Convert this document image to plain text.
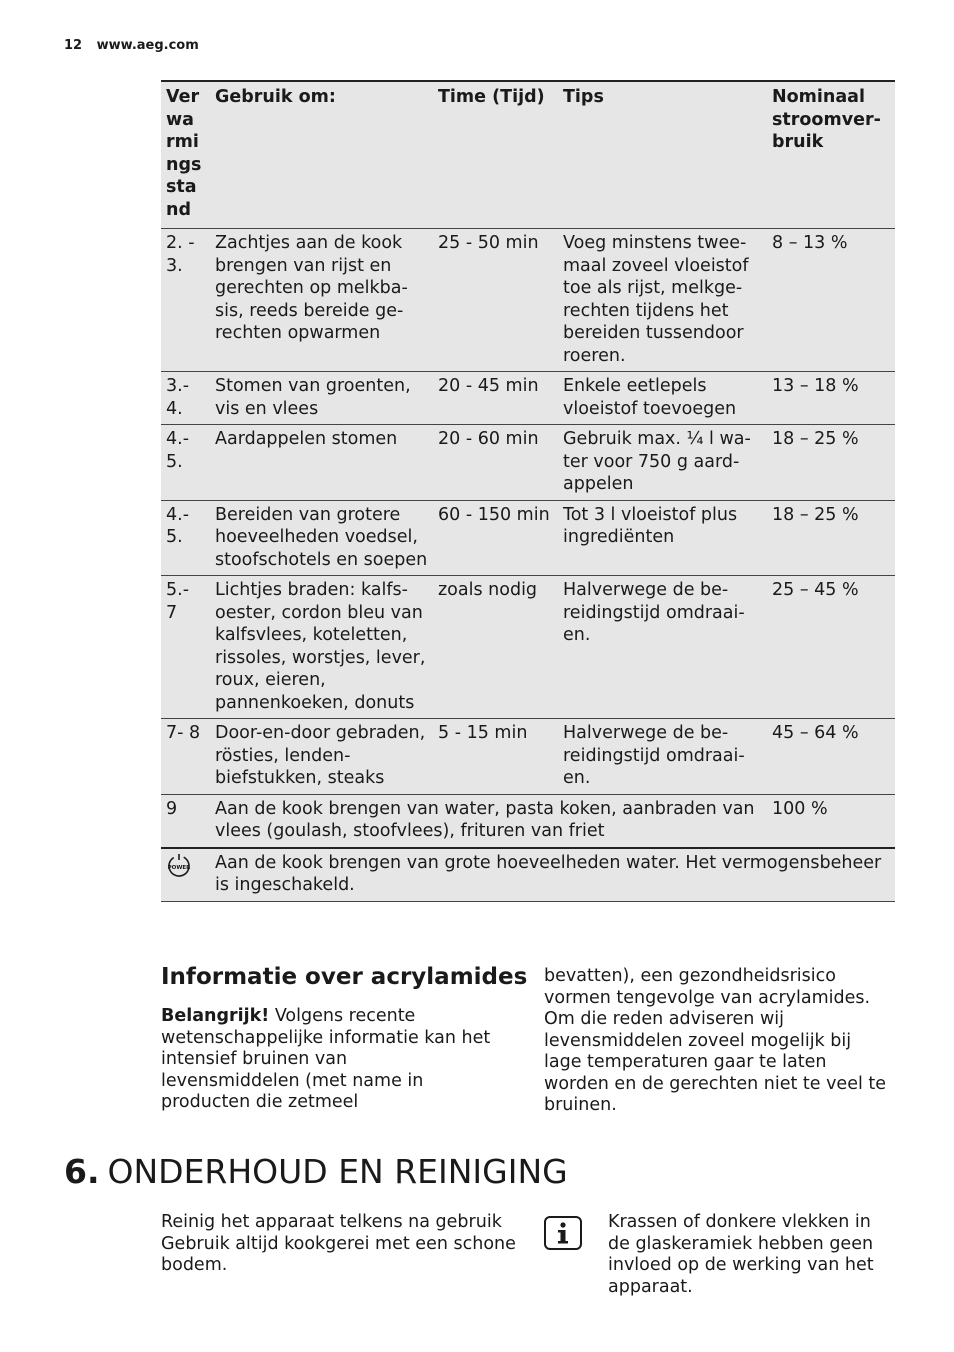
12 www.aeg.com
Ver wa rmi ngs sta nd	Gebruik om:	Time (Tijd)	Tips	Nominaal stroomverbruik
2. - 3.	Zachtjes aan de kook brengen van rijst en gerechten op melkbasis, reeds bereide gerechten opwarmen	25 - 50 min	Voeg minstens tweemaal zoveel vloeistof toe als rijst, melkgerechten tijdens het bereiden tussendoor roeren.	8 – 13 %
3.- 4.	Stomen van groenten, vis en vlees	20 - 45 min	Enkele eetlepels vloeistof toevoegen	13 – 18 %
4.- 5.	Aardappelen stomen	20 - 60 min	Gebruik max. ¼ l water voor 750 g aardappelen	18 – 25 %
4.- 5.	Bereiden van grotere hoeveelheden voedsel, stoofschotels en soepen	60 - 150 min	Tot 3 l vloeistof plus ingrediënten	18 – 25 %
5.- 7	Lichtjes braden: kalfsoester, cordon bleu van kalfsvlees, koteletten, rissoles, worstjes, lever, roux, eieren, pannenkoeken, donuts	zoals nodig	Halverwege de bereidingstijd omdraaien.	25 – 45 %
7- 8	Door-en-door gebraden, rösties, lendenbiefstukken, steaks	5 - 15 min	Halverwege de bereidingstijd omdraaien.	45 – 64 %
9	Aan de kook brengen van water, pasta koken, aanbraden van vlees (goulash, stoofvlees), frituren van friet			100 %

POWER	Aan de kook brengen van grote hoeveelheden water. Het vermogensbeheer is ingeschakeld.			
Informatie over acrylamides
Belangrijk! Volgens recente wetenschappelijke informatie kan het intensief bruinen van levensmiddelen (met name in producten die zetmeel
bevatten), een gezondheidsrisico vormen tengevolge van acrylamides. Om die reden adviseren wij levensmiddelen zoveel mogelijk bij lage temperaturen gaar te laten worden en de gerechten niet te veel te bruinen.
6. ONDERHOUD EN REINIGING
Reinig het apparaat telkens na gebruik Gebruik altijd kookgerei met een schone bodem.
Krassen of donkere vlekken in de glaskeramiek hebben geen invloed op de werking van het apparaat.
